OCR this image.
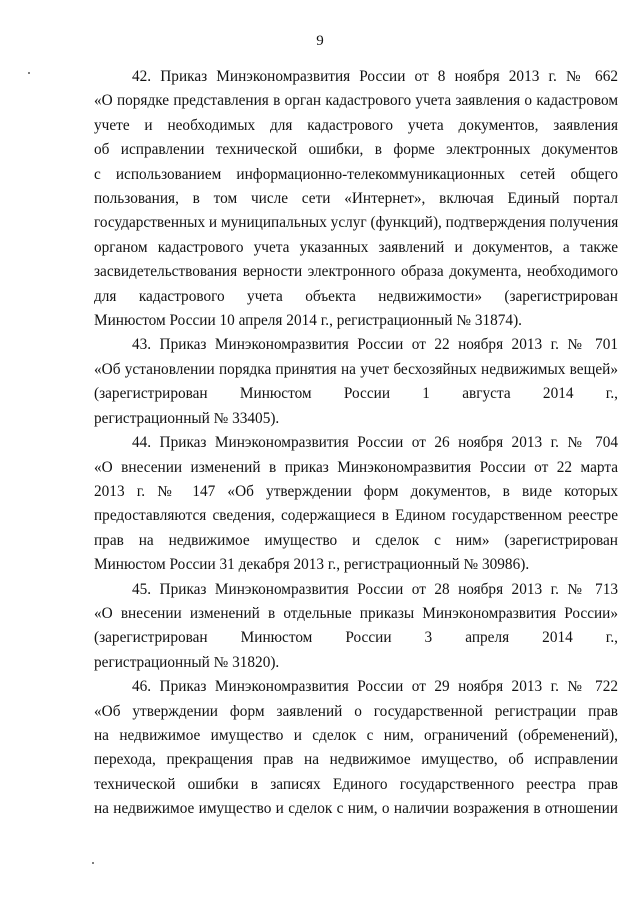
9
42. Приказ Минэкономразвития России от 8 ноября 2013 г. № 662
«О порядке представления в орган кадастрового учета заявления о кадастровом
учете и необходимых для кадастрового учета документов, заявления
об исправлении технической ошибки, в форме электронных документов
с использованием информационно-телекоммуникационных сетей общего
пользования, в том числе сети «Интернет», включая Единый портал
государственных и муниципальных услуг (функций), подтверждения получения
органом кадастрового учета указанных заявлений и документов, а также
засвидетельствования верности электронного образа документа, необходимого
для кадастрового учета объекта недвижимости» (зарегистрирован
Минюстом России 10 апреля 2014 г., регистрационный № 31874).
43. Приказ Минэкономразвития России от 22 ноября 2013 г. № 701
«Об установлении порядка принятия на учет бесхозяйных недвижимых вещей»
(зарегистрирован Минюстом России 1 августа 2014 г.,
регистрационный № 33405).
44. Приказ Минэкономразвития России от 26 ноября 2013 г. № 704
«О внесении изменений в приказ Минэкономразвития России от 22 марта
2013 г. № 147 «Об утверждении форм документов, в виде которых
предоставляются сведения, содержащиеся в Едином государственном реестре
прав на недвижимое имущество и сделок с ним» (зарегистрирован
Минюстом России 31 декабря 2013 г., регистрационный № 30986).
45. Приказ Минэкономразвития России от 28 ноября 2013 г. № 713
«О внесении изменений в отдельные приказы Минэкономразвития России»
(зарегистрирован Минюстом России 3 апреля 2014 г.,
регистрационный № 31820).
46. Приказ Минэкономразвития России от 29 ноября 2013 г. № 722
«Об утверждении форм заявлений о государственной регистрации прав
на недвижимое имущество и сделок с ним, ограничений (обременений),
перехода, прекращения прав на недвижимое имущество, об исправлении
технической ошибки в записях Единого государственного реестра прав
на недвижимое имущество и сделок с ним, о наличии возражения в отношении
